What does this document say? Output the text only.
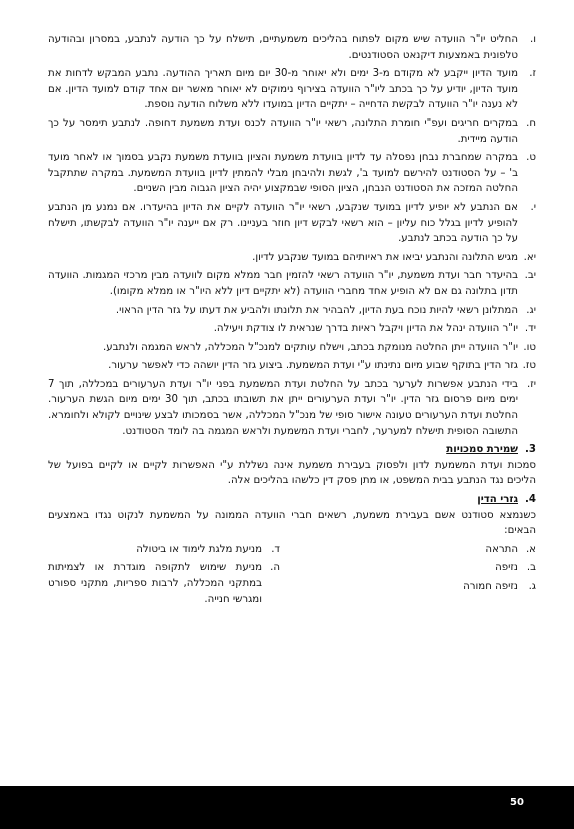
ו.
החליט יו"ר הוועדה שיש מקום לפתוח בהליכים משמעתיים, תישלח על כך הודעה לנתבע, במסרון ובהודעה טלפונית באמצעות דיקנאט הסטודנטים.
ז.
מועד הדיון ייקבע לא מקודם מ-3 ימים ולא יאוחר מ-30 יום מיום תאריך ההודעה. נתבע המבקש לדחות את מועד הדיון, יודיע על כך בכתב ליו"ר הוועדה בצירוף נימוקים לא יאוחר מאשר יום אחד קודם למועד הדיון. אם לא נענה יו"ר הוועדה לבקשת הדחייה – יתקיים הדיון במועדו ללא משלוח הודעה נוספת.
ח.
במקרים חריגים ועפ"י חומרת התלונה, רשאי יו"ר הוועדה לכנס ועדת משמעת דחופה. לנתבע תימסר על כך הודעה מיידית.
ט.
במקרה שמחברת נבחן נפסלה עד לדיון בוועדת משמעת והציון בוועדת משמעת נקבע בסמוך או לאחר מועד ב' – על הסטודנט להירשם למועד ב', לגשת ולהיבחן מבלי להמתין לדיון בוועדת המשמעת. במקרה שתתקבל החלטה המזכה את הסטודנט הנבחן, הציון הסופי שבמקצוע יהיה הציון הגבוה מבין השניים.
י.
אם הנתבע לא יופיע לדיון במועד שנקבע, רשאי יו"ר הוועדה לקיים את הדיון בהיעדרו. אם נמנע מן הנתבע להופיע לדיון בגלל כוח עליון – הוא רשאי לבקש דיון חוזר בעניינו. רק אם ייענה יו"ר הוועדה לבקשתו, תישלח על כך הודעה בכתב לנתבע.
יא.
מגיש התלונה והנתבע יביאו את ראיותיהם במועד שנקבע לדיון.
יב.
בהיעדר חבר ועדת משמעת, יו"ר הוועדה רשאי להזמין חבר ממלא מקום לוועדה מבין מרכזי המגמות. הוועדה תדון בתלונה גם אם לא הופיע אחד מחברי הוועדה (לא יתקיים דיון ללא היו"ר או ממלא מקומו).
יג.
המתלונן רשאי להיות נוכח בעת הדיון, להבהיר את תלונתו ולהביע את דעתו על גזר הדין הראוי.
יד.
יו"ר הוועדה ינהל את הדיון ויקבל ראיות בדרך שנראית לו צודקת ויעילה.
טו.
יו"ר הוועדה ייתן החלטה מנומקת בכתב, וישלח עותקים למנכ"ל המכללה, לראש המגמה ולנתבע.
טז.
גזר הדין בתוקף שבוע מיום נתינתו ע"י ועדת המשמעת. ביצוע גזר הדין יושהה כדי לאפשר ערעור.
יז.
בידי הנתבע אפשרות לערער בכתב על החלטת ועדת המשמעת בפני יו"ר ועדת הערעורים במכללה, תוך 7 ימים מיום פרסום גזר הדין. יו"ר ועדת הערעורים ייתן את תשובתו בכתב, תוך 30 ימים מיום הגשת הערעור. החלטת ועדת הערעורים טעונה אישור סופי של מנכ"ל המכללה, אשר בסמכותו לבצע שינויים לקולא ולחומרא. התשובה הסופית תישלח למערער, לחברי ועדת המשמעת ולראש המגמה בה לומד הסטודנט.
3.
שמירת סמכויות
סמכות ועדת המשמעת לדון ולפסוק בעבירת משמעת אינה נשללת ע"י האפשרות לקיים או לקיים בפועל של הליכים נגד הנתבע בבית המשפט, או מתן פסק דין כלשהו בהליכים אלה.
4.
גזרי הדין
כשנמצא סטודנט אשם בעבירת משמעת, רשאים חברי הוועדה הממונה על המשמעת לנקוט נגדו באמצעים הבאים:
א.
התראה
ב.
נזיפה
ג.
נזיפה חמורה
ד.
מניעת מלגת לימוד או ביטולה
ה.
מניעת שימוש לתקופה מוגדרת או לצמיתות במתקני המכללה, לרבות ספריות, מתקני ספורט ומגרשי חנייה.
50
